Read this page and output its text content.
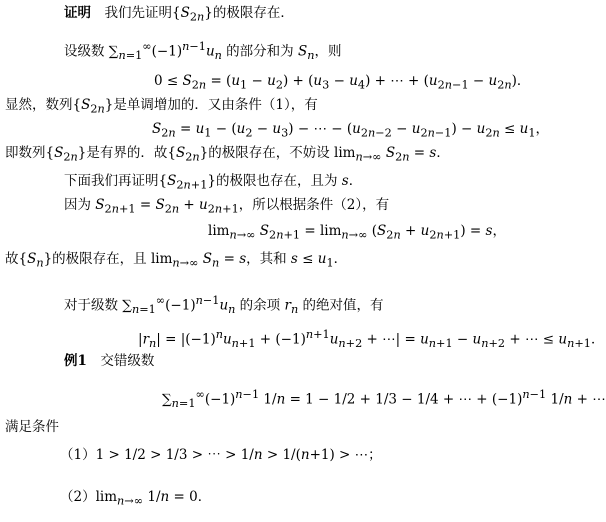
证明　我们先证明$\{S_{2n}\}$的极限存在．
设级数 $\sum_{n=1}^\infty(-1)^{n-1}u_n$ 的部分和为 $S_n$，则
$0 \le S_{2n} = (u_1 - u_2) + (u_3 - u_4)$ + ⋯ + $(u_{2n-1} - u_{2n})$．
显然，数列$\{S_{2n}\}$是单调增加的．又由条件（1），有
$S_{2n} = u_1 - (u_2 - u_3)$ − ⋯ − $(u_{2n-2} - u_{2n-1}) - u_{2n} \le u_1$，
即数列$\{S_{2n}\}$是有界的．故$\{S_{2n}\}$的极限存在，不妨设 $\lim_{n\to\infty} S_{2n} = s$．
下面我们再证明$\{S_{2n+1}\}$的极限也存在，且为 s．
因为 $S_{2n+1} = S_{2n} + u_{2n+1}$，所以根据条件（2），有
$\lim_{n\to\infty} S_{2n+1} = \lim_{n\to\infty} (S_{2n} + u_{2n+1}) = s$，
故$\{S_n\}$的极限存在，且 $\lim_{n\to\infty} S_n = s$，其和 $s \le u_1$．
对于级数 $\sum_{n=1}^\infty(-1)^{n-1}u_n$ 的余项 $r_n$ 的绝对值，有
$|r_n| = |(-1)^nu_{n+1} + (-1)^{n+1}u_{n+2}$ + ⋯| = $u_{n+1} - u_{n+2}$ + ⋯ ≤ $u_{n+1}$．
例1　交错级数
$\sum_{n=1}^\infty(-1)^{n-1}$ 1/n = 1 − 1/2 + 1/3 − 1/4 + ⋯ + $(-1)^{n-1}$ 1/n + ⋯
满足条件
（1）1 > 1/2 > 1/3 > ⋯ > 1/n > 1/(n+1) > ⋯；
$(2)\lim_{n\to\infty}$ 1/n = 0．
